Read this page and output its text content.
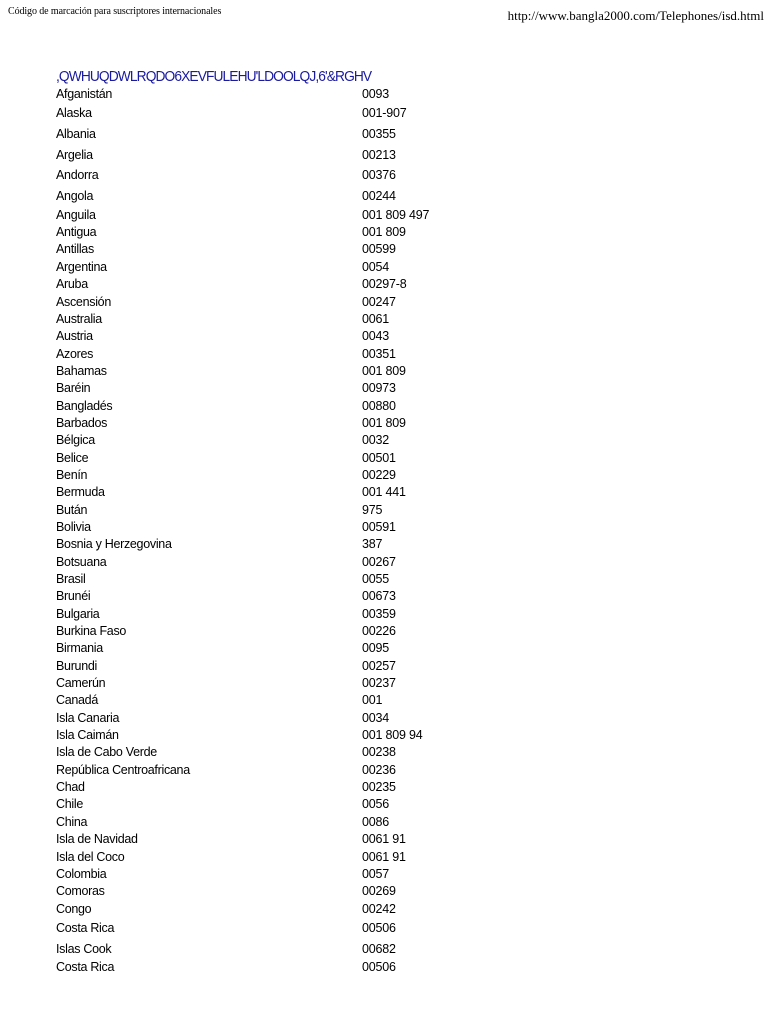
Código de marcación para suscriptores internacionales	http://www.bangla2000.com/Telephones/isd.html
,QWHUQDWLRQDO6XEVFULEHU'LDOOLQJ,6'&RGHV
Afganistán	0093
Alaska	001-907
Albania	00355
Argelia	00213
Andorra	00376
Angola	00244
Anguila	001 809 497
Antigua	001 809
Antillas	00599
Argentina	0054
Aruba	00297-8
Ascensión	00247
Australia	0061
Austria	0043
Azores	00351
Bahamas	001 809
Baréin	00973
Bangladés	00880
Barbados	001 809
Bélgica	0032
Belice	00501
Benín	00229
Bermuda	001 441
Bután	975
Bolivia	00591
Bosnia y Herzegovina	387
Botsuana	00267
Brasil	0055
Brunéi	00673
Bulgaria	00359
Burkina Faso	00226
Birmania	0095
Burundi	00257
Camerún	00237
Canadá	001
Isla Canaria	0034
Isla Caimán	001 809 94
Isla de Cabo Verde	00238
República Centroafricana	00236
Chad	00235
Chile	0056
China	0086
Isla de Navidad	0061 91
Isla del Coco	0061 91
Colombia	0057
Comoras	00269
Congo	00242
Costa Rica	00506
Islas Cook	00682
Costa Rica	00506
